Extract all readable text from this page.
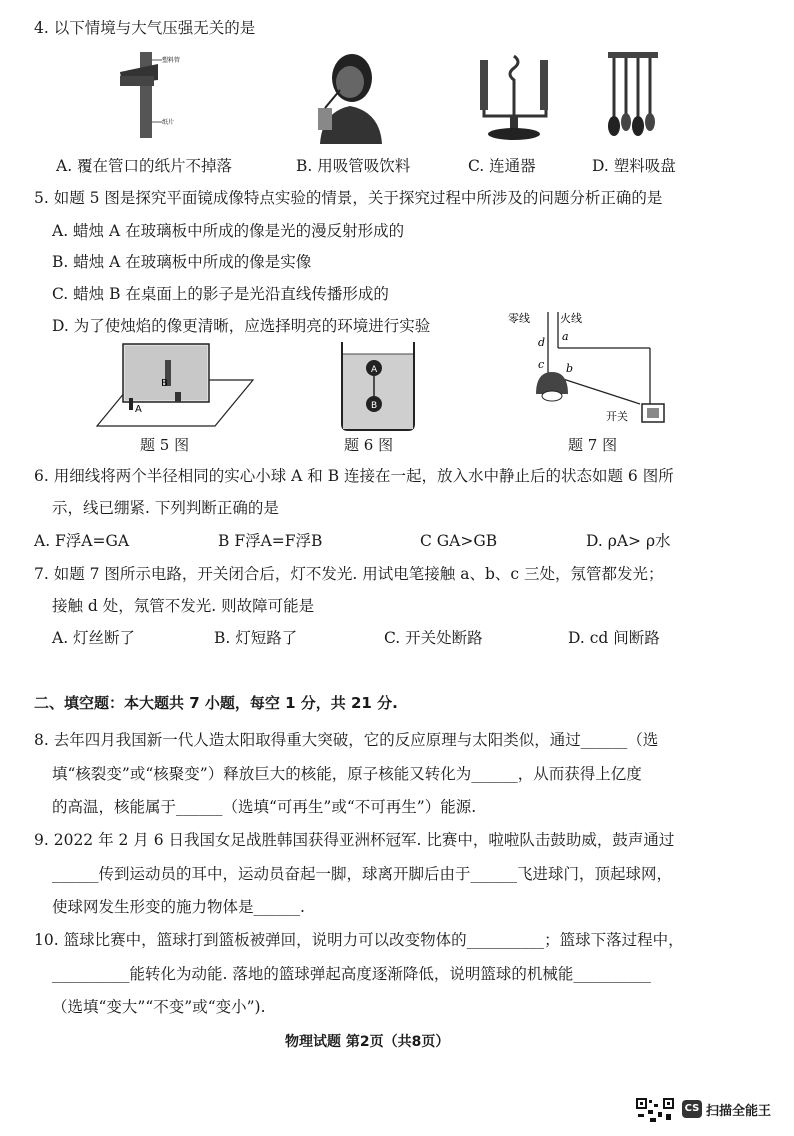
4. 以下情境与大气压强无关的是
塑料管
纸片
A. 覆在管口的纸片不掉落	B. 用吸管吸饮料	C. 连通器	D. 塑料吸盘
5. 如题 5 图是探究平面镜成像特点实验的情景，关于探究过程中所涉及的问题分析正确的是
A. 蜡烛 A 在玻璃板中所成的像是光的漫反射形成的
B. 蜡烛 A 在玻璃板中所成的像是实像
C. 蜡烛 B 在桌面上的影子是光沿直线传播形成的
D. 为了使烛焰的像更清晰，应选择明亮的环境进行实验
B
A
题 5 图
A
B
题 6 图
零线	火线
d a
c b
开关
题 7 图
6. 用细线将两个半径相同的实心小球 A 和 B 连接在一起，放入水中静止后的状态如题 6 图所
示，线已绷紧. 下列判断正确的是
A. F浮A=GA	B F浮A=F浮B	C GA>GB	D. ρA> ρ水
7. 如题 7 图所示电路，开关闭合后，灯不发光. 用试电笔接触 a、b、c 三处，氖管都发光；
接触 d 处，氖管不发光. 则故障可能是
A. 灯丝断了	B. 灯短路了	C. 开关处断路	D. cd 间断路
二、填空题：本大题共 7 小题，每空 1 分，共 21 分.
8. 去年四月我国新一代人造太阳取得重大突破，它的反应原理与太阳类似，通过______（选
填“核裂变”或“核聚变”）释放巨大的核能，原子核能又转化为______，从而获得上亿度
的高温，核能属于______（选填“可再生”或“不可再生”）能源.
9. 2022 年 2 月 6 日我国女足战胜韩国获得亚洲杯冠军. 比赛中，啦啦队击鼓助威，鼓声通过
______传到运动员的耳中，运动员奋起一脚，球离开脚后由于______飞进球门，顶起球网，
使球网发生形变的施力物体是______.
10. 篮球比赛中，篮球打到篮板被弹回，说明力可以改变物体的__________；篮球下落过程中，
__________能转化为动能. 落地的篮球弹起高度逐渐降低，说明篮球的机械能__________
（选填“变大”“不变”或“变小”).
物理试题 第2页（共8页）
CS 扫描全能王
